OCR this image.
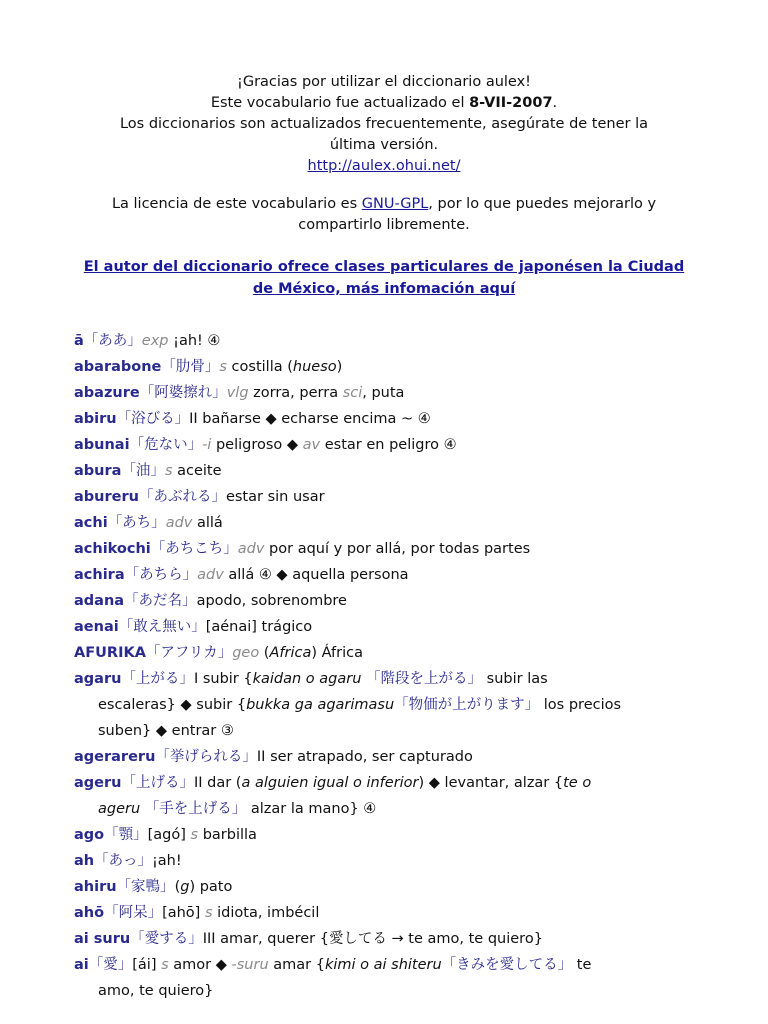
¡Gracias por utilizar el diccionario aulex!

Este vocabulario fue actualizado el 8-VII-2007.

Los diccionarios son actualizados frecuentemente, asegúrate de tener la

última versión.

http://aulex.ohui.net/

La licencia de este vocabulario es GNU-GPL, por lo que puedes mejorarlo y

compartirlo libremente.

El autor del diccionario ofrece clases particulares de japonésen la Ciudad
de México, más infomación aquí
ā「ああ」exp ¡ah! ④
abarabone「肋骨」s costilla (hueso)
abazure「阿婆擦れ」vlg zorra, perra sci, puta
abiru「浴びる」II bañarse ◆ echarse encima ~ ④
abunai「危ない」-i peligroso ◆ av estar en peligro ④
abura「油」s aceite
abureru「あぶれる」estar sin usar
achi「あち」adv allá
achikochi「あちこち」adv por aquí y por allá, por todas partes
achira「あちら」adv allá ④ ◆ aquella persona
adana「あだ名」apodo, sobrenombre
aenai「敢え無い」[aénai] trágico
AFURIKA「アフリカ」geo (Africa) África
agaru「上がる」I subir {kaidan o agaru 「階段を上がる」 subir las
escaleras} ◆ subir {bukka ga agarimasu「物価が上がります」 los precios
suben} ◆ entrar ③
agerareru「挙げられる」II ser atrapado, ser capturado
ageru「上げる」II dar (a alguien igual o inferior) ◆ levantar, alzar {te o
ageru 「手を上げる」 alzar la mano} ④
ago「顎」[agó] s barbilla
ah「あっ」¡ah!
ahiru「家鴨」(g) pato
ahō「阿呆」[ahō] s idiota, imbécil
ai suru「愛する」III amar, querer {愛してる → te amo, te quiero}
ai「愛」[ái] s amor ◆ -suru amar {kimi o ai shiteru「きみを愛してる」 te
amo, te quiero}
